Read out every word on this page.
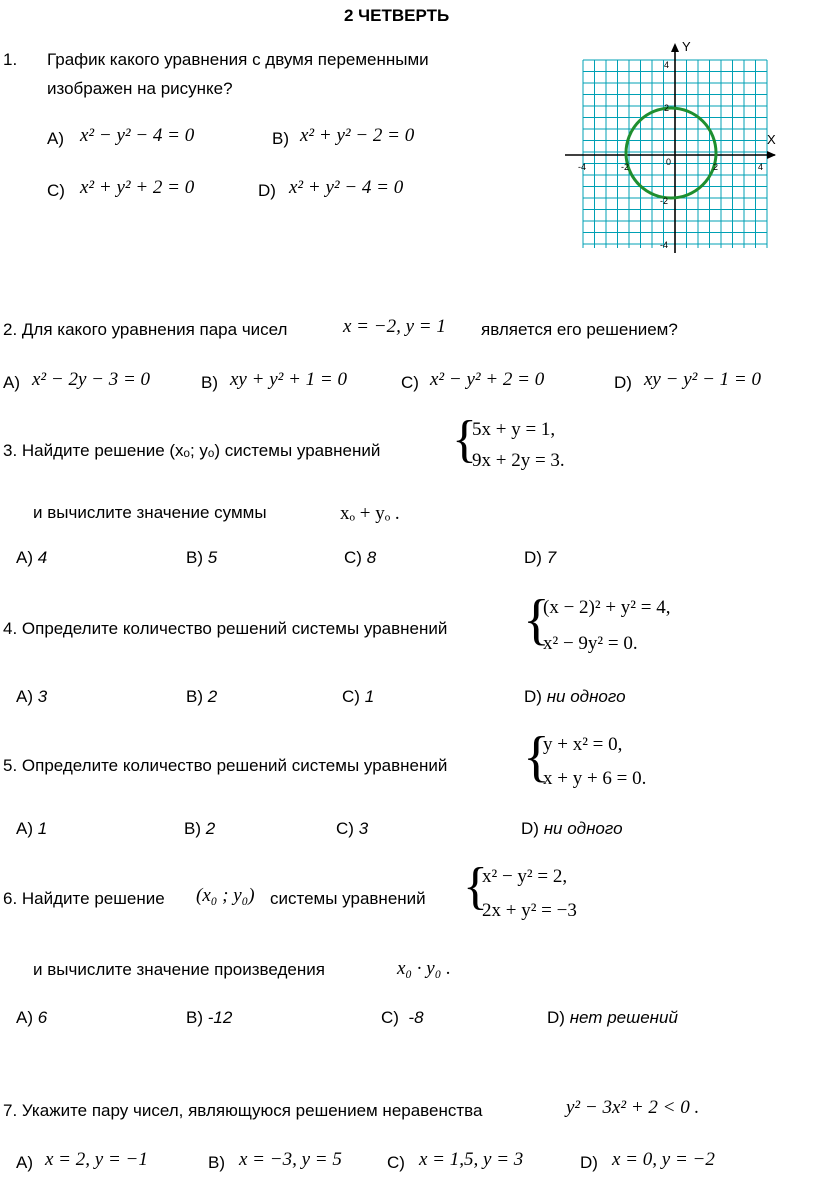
2 ЧЕТВЕРТЬ
1. График какого уравнения с двумя переменными
изображен на рисунке?
A) x² − y² − 4 = 0	B) x² + y² − 2 = 0
C) x² + y² + 2 = 0	D) x² + y² − 4 = 0
Y
X
4
2
0
-2
-4
-4	-2	2	4
2. Для какого уравнения пара чисел	x = −2, y = 1 является его решением?
A) x² − 2y − 3 = 0	B) xy + y² + 1 = 0	C) x² − y² + 2 = 0	D) xy − y² − 1 = 0
3. Найдите решение (xₒ; yₒ) системы уравнений {
5x + y = 1,
9x + 2y = 3.
и вычислите значение суммы	xₒ + yₒ .
A) 4	B) 5	C) 8	D) 7
4. Определите количество решений системы уравнений {
(x − 2)² + y² = 4,
x² − 9y² = 0.
A) 3	B) 2	C) 1	D) ни одного
5. Определите количество решений системы уравнений {
y + x² = 0,
x + y + 6 = 0.
A) 1	B) 2	C) 3	D) ни одного
6. Найдите решение (x₀ ; y₀) системы уравнений {
x² − y² = 2,
2x + y² = −3
и вычислите значение произведения	x₀ · y₀ .
A) 6	B) -12	C) -8	D) нет решений
7. Укажите пару чисел, являющуюся решением неравенства	y² − 3x² + 2 < 0 .
A) x = 2, y = −1	B) x = −3, y = 5	C) x = 1,5, y = 3	D) x = 0, y = −2
